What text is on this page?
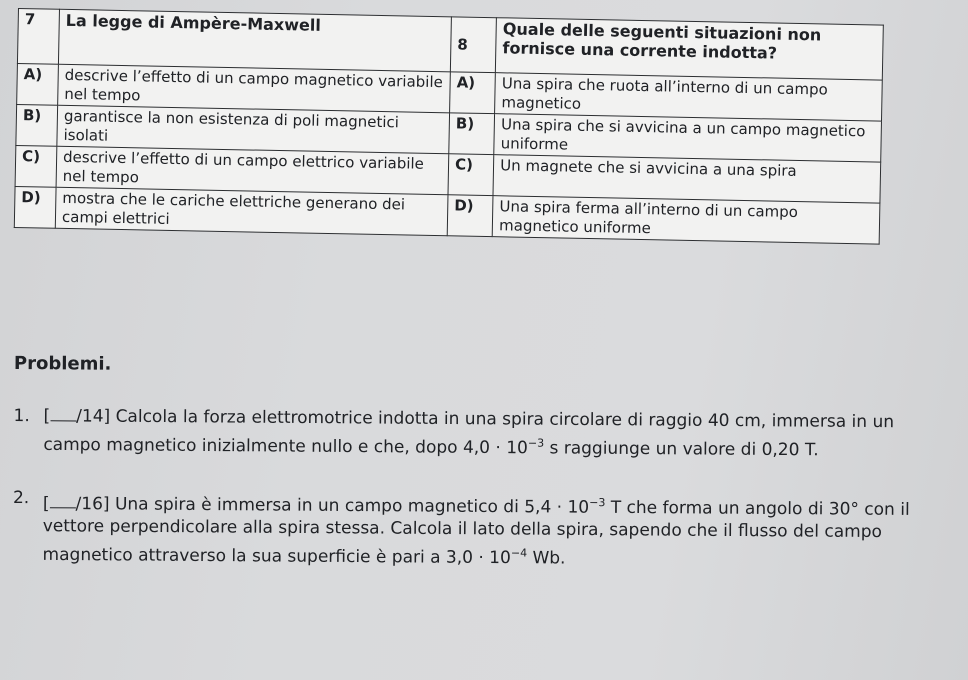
7	La legge di Ampère-Maxwell	8	Quale delle seguenti situazioni non fornisce una corrente indotta?
A)	descrive l’effetto di un campo magnetico variabile nel tempo	A)	Una spira che ruota all’interno di un campo magnetico
B)	garantisce la non esistenza di poli magnetici isolati	B)	Una spira che si avvicina a un campo magnetico uniforme
C)	descrive l’effetto di un campo elettrico variabile nel tempo	C)	Un magnete che si avvicina a una spira
D)	mostra che le cariche elettriche generano dei campi elettrici	D)	Una spira ferma all’interno di un campo magnetico uniforme
Problemi.
1. [ /14] Calcola la forza elettromotrice indotta in una spira circolare di raggio 40 cm, immersa in un campo magnetico inizialmente nullo e che, dopo $4,0 \cdot 10^{-3}$ s raggiunge un valore di 0,20 T.
2. [ /16] Una spira è immersa in un campo magnetico di $5,4 \cdot 10^{-3}$ T che forma un angolo di 30° con il vettore perpendicolare alla spira stessa. Calcola il lato della spira, sapendo che il flusso del campo magnetico attraverso la sua superficie è pari a $3,0 \cdot 10^{-4}$ Wb.
